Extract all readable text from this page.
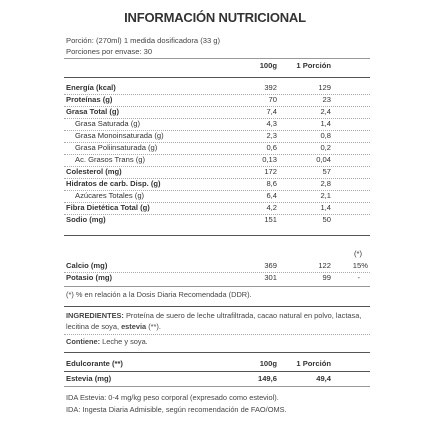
INFORMACIÓN NUTRICIONAL
Porción: (270ml) 1 medida dosificadora (33 g)
Porciones por envase: 30
100g	1 Porción
Energía (kcal)	392	129
Proteínas (g)	70	23
Grasa Total (g)	7,4	2,4
Grasa Saturada (g)	4,3	1,4
Grasa Monoinsaturada (g)	2,3	0,8
Grasa Poliinsaturada (g)	0,6	0,2
Ac. Grasos Trans (g)	0,13	0,04
Colesterol (mg)	172	57
Hidratos de carb. Disp. (g)	8,6	2,8
Azúcares Totales (g)	6,4	2,1
Fibra Dietética Total (g)	4,2	1,4
Sodio (mg)	151	50
(*)
Calcio (mg)	369	122	15%
Potasio (mg)	301	99	-
(*) % en relación a la Dosis Diaria Recomendada (DDR).
INGREDIENTES: Proteína de suero de leche ultrafiltrada, cacao natural en polvo, lactasa, lecitina de soya, estevia (**).
Contiene: Leche y soya.
Edulcorante (**)	100g	1 Porción
Estevia (mg)	149,6	49,4
IDA Estevia: 0-4 mg/kg peso corporal (expresado como esteviol).
IDA: Ingesta Diaria Admisible, según recomendación de FAO/OMS.
